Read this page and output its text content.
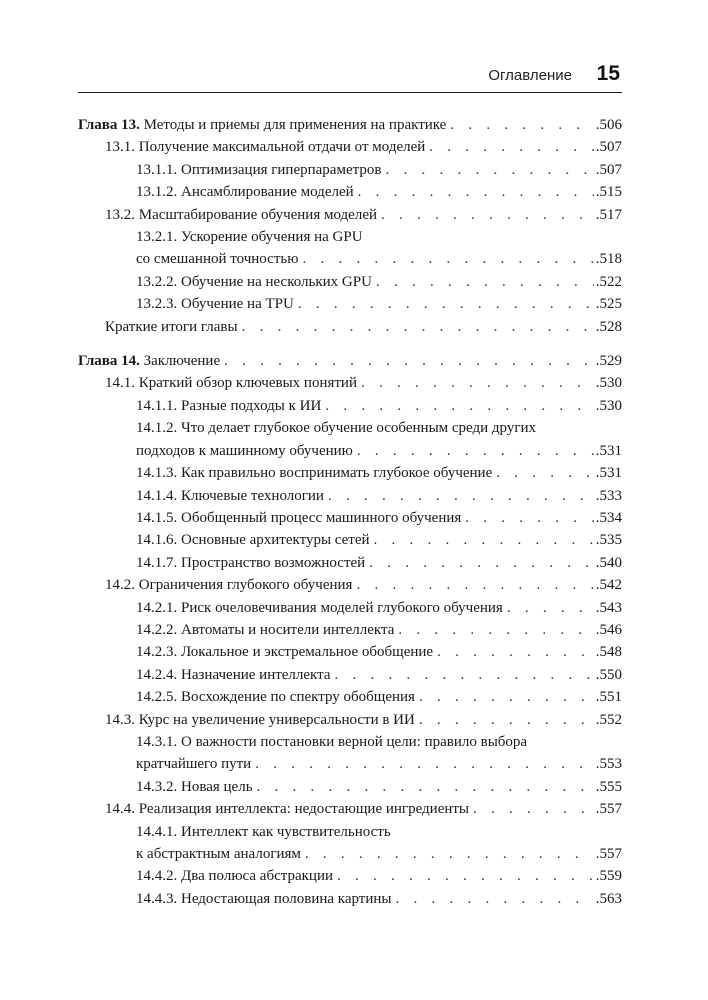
Оглавление 15
Глава 13. Методы и приемы для применения на практике . . .	.506
13.1. Получение максимальной отдачи от моделей . . .	.507
13.1.1. Оптимизация гиперпараметров . . .	.507
13.1.2. Ансамблирование моделей . . .	.515
13.2. Масштабирование обучения моделей . . .	.517
13.2.1. Ускорение обучения на GPU
со смешанной точностью . . .	.518
13.2.2. Обучение на нескольких GPU . . .	.522
13.2.3. Обучение на TPU . . .	.525
Краткие итоги главы . . .	.528
Глава 14. Заключение . . .	.529
14.1. Краткий обзор ключевых понятий . . .	.530
14.1.1. Разные подходы к ИИ . . .	.530
14.1.2. Что делает глубокое обучение особенным среди других
подходов к машинному обучению . . .	.531
14.1.3. Как правильно воспринимать глубокое обучение . . .	.531
14.1.4. Ключевые технологии . . .	.533
14.1.5. Обобщенный процесс машинного обучения . . .	.534
14.1.6. Основные архитектуры сетей . . .	.535
14.1.7. Пространство возможностей . . .	.540
14.2. Ограничения глубокого обучения . . .	.542
14.2.1. Риск очеловечивания моделей глубокого обучения . . .	.543
14.2.2. Автоматы и носители интеллекта . . .	.546
14.2.3. Локальное и экстремальное обобщение . . .	.548
14.2.4. Назначение интеллекта . . .	.550
14.2.5. Восхождение по спектру обобщения . . .	.551
14.3. Курс на увеличение универсальности в ИИ . . .	.552
14.3.1. О важности постановки верной цели: правило выбора
кратчайшего пути . . .	.553
14.3.2. Новая цель . . .	.555
14.4. Реализация интеллекта: недостающие ингредиенты . . .	.557
14.4.1. Интеллект как чувствительность
к абстрактным аналогиям . . .	.557
14.4.2. Два полюса абстракции . . .	.559
14.4.3. Недостающая половина картины . . .	.563
